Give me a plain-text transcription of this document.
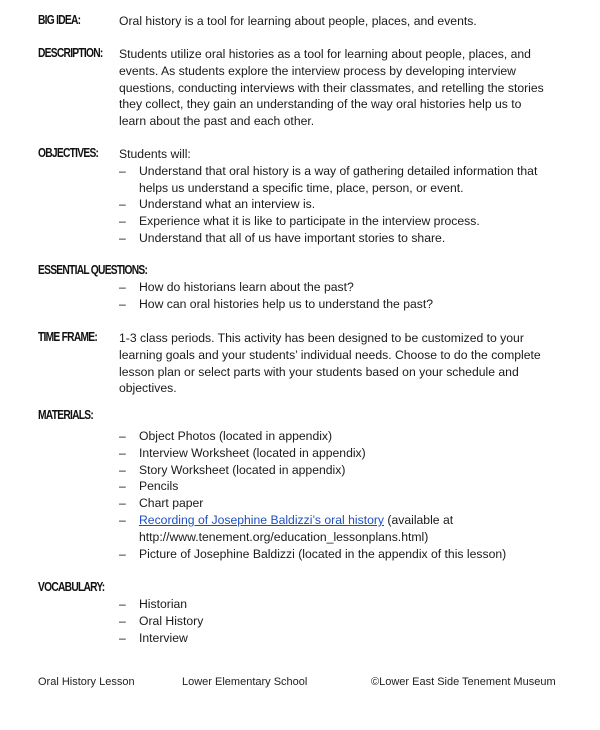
BIG IDEA:	Oral history is a tool for learning about people, places, and events.
DESCRIPTION: Students utilize oral histories as a tool for learning about people, places, and events. As students explore the interview process by developing interview questions, conducting interviews with their classmates, and retelling the stories they collect, they gain an understanding of the way oral histories help us to learn about the past and each other.
OBJECTIVES: Students will:

– Understand that oral history is a way of gathering detailed information that helps us understand a specific time, place, person, or event.
– Understand what an interview is.
– Experience what it is like to participate in the interview process.
– Understand that all of us have important stories to share.
ESSENTIAL QUESTIONS:
– How do historians learn about the past?
– How can oral histories help us to understand the past?
TIME FRAME: 1-3 class periods. This activity has been designed to be customized to your learning goals and your students’ individual needs. Choose to do the complete lesson plan or select parts with your students based on your schedule and objectives.
MATERIALS:
– Object Photos (located in appendix)
– Interview Worksheet (located in appendix)
– Story Worksheet (located in appendix)
– Pencils
– Chart paper
– Recording of Josephine Baldizzi’s oral history (available at http://www.tenement.org/education_lessonplans.html)
– Picture of Josephine Baldizzi (located in the appendix of this lesson)
VOCABULARY:
– Historian
– Oral History
– Interview
Oral History Lesson	Lower Elementary School	©Lower East Side Tenement Museum
